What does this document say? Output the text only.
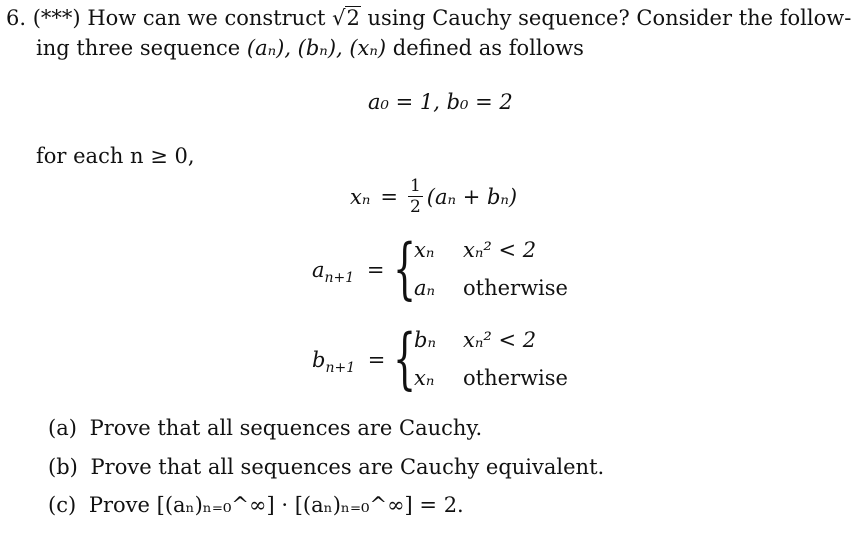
6. (***) How can we construct √2 using Cauchy sequence? Consider the follow-
ing three sequence (aₙ), (bₙ), (xₙ) defined as follows
a₀ = 1, b₀ = 2
for each n ≥ 0,
$x_n = \frac{1}{2} (a_n + b_n)$
$a_{n+1}$ = {
xₙ xₙ² < 2
aₙ otherwise
$b_{n+1}$ = {
bₙ xₙ² < 2
xₙ otherwise
(a) Prove that all sequences are Cauchy.
(b) Prove that all sequences are Cauchy equivalent.
(c) Prove [(aₙ)ₙ₌₀^∞] · [(aₙ)ₙ₌₀^∞] = 2.
